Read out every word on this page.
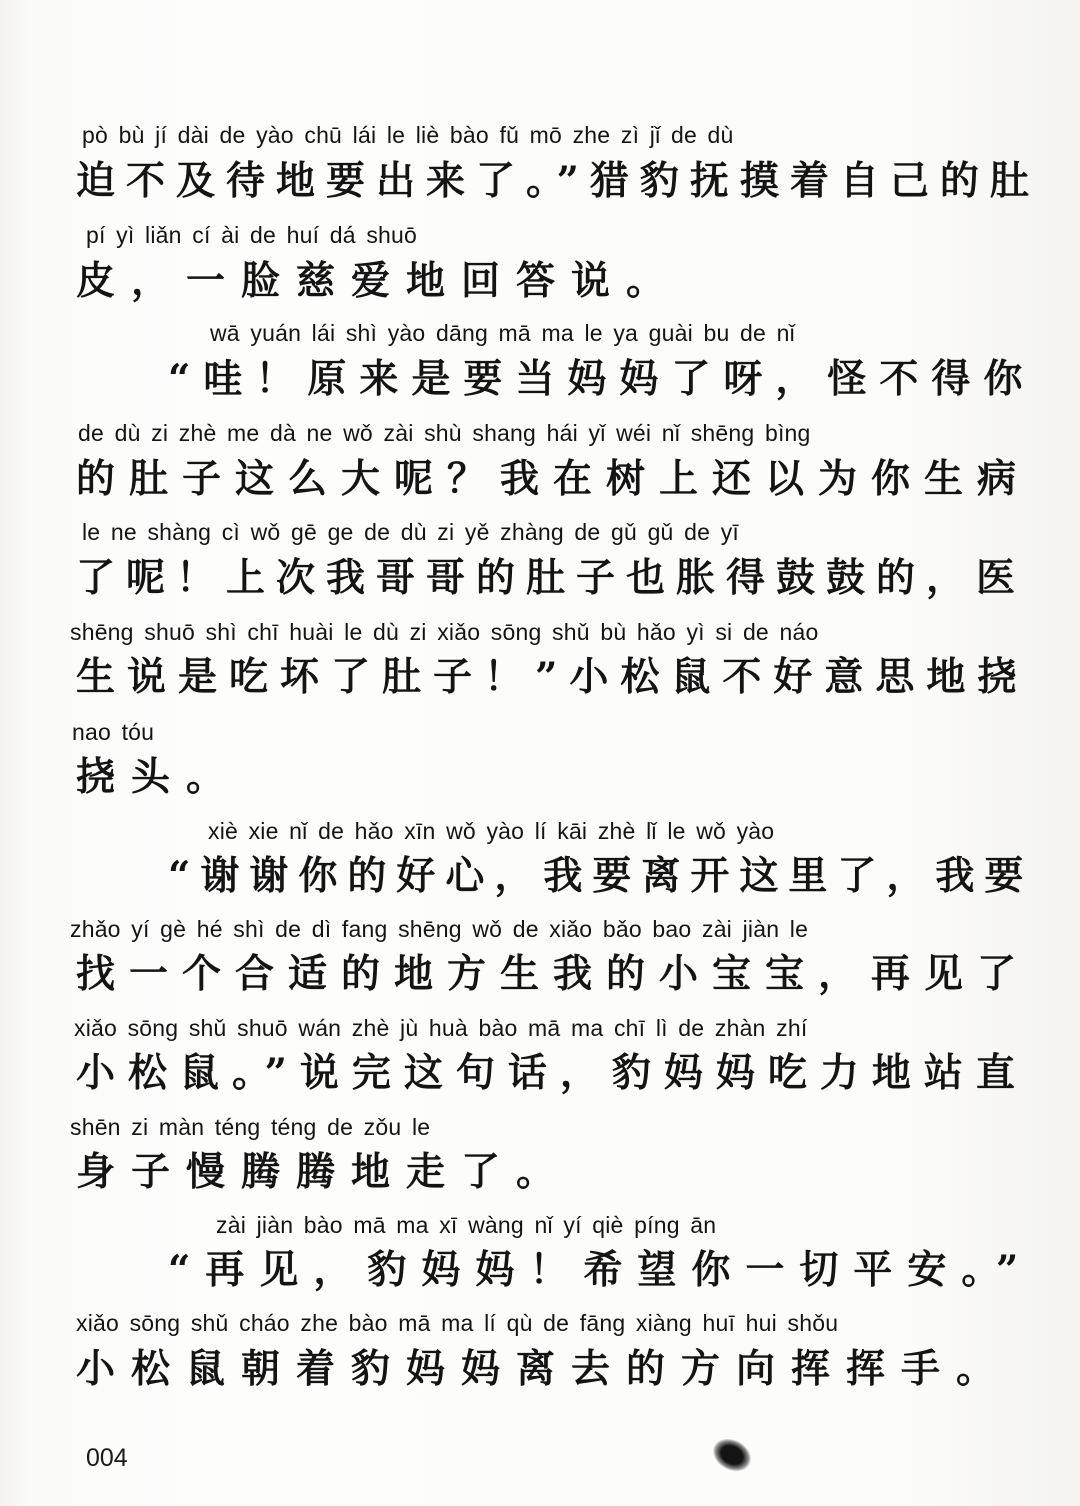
pò bù jí dài de yào chū lái le liè bào fǔ mō zhe zì jǐ de dù
迫不及待地要出来了。”猎豹抚摸着自己的肚
pí yì liǎn cí ài de huí dá shuō
皮，一脸慈爱地回答说。
wā yuán lái shì yào dāng mā ma le ya guài bu de nǐ
“哇！原来是要当妈妈了呀，怪不得你
de dù zi zhè me dà ne wǒ zài shù shang hái yǐ wéi nǐ shēng bìng
的肚子这么大呢？我在树上还以为你生病
le ne shàng cì wǒ gē ge de dù zi yě zhàng de gǔ gǔ de yī
了呢！上次我哥哥的肚子也胀得鼓鼓的，医
shēng shuō shì chī huài le dù zi xiǎo sōng shǔ bù hǎo yì si de náo
生说是吃坏了肚子！”小松鼠不好意思地挠
nao tóu
挠头。
xiè xie nǐ de hǎo xīn wǒ yào lí kāi zhè lǐ le wǒ yào
“谢谢你的好心，我要离开这里了，我要
zhǎo yí gè hé shì de dì fang shēng wǒ de xiǎo bǎo bao zài jiàn le
找一个合适的地方生我的小宝宝，再见了
xiǎo sōng shǔ shuō wán zhè jù huà bào mā ma chī lì de zhàn zhí
小松鼠。”说完这句话，豹妈妈吃力地站直
shēn zi màn téng téng de zǒu le
身子慢腾腾地走了。
zài jiàn bào mā ma xī wàng nǐ yí qiè píng ān
“再见，豹妈妈！希望你一切平安。”
xiǎo sōng shǔ cháo zhe bào mā ma lí qù de fāng xiàng huī hui shǒu
小松鼠朝着豹妈妈离去的方向挥挥手。
004
